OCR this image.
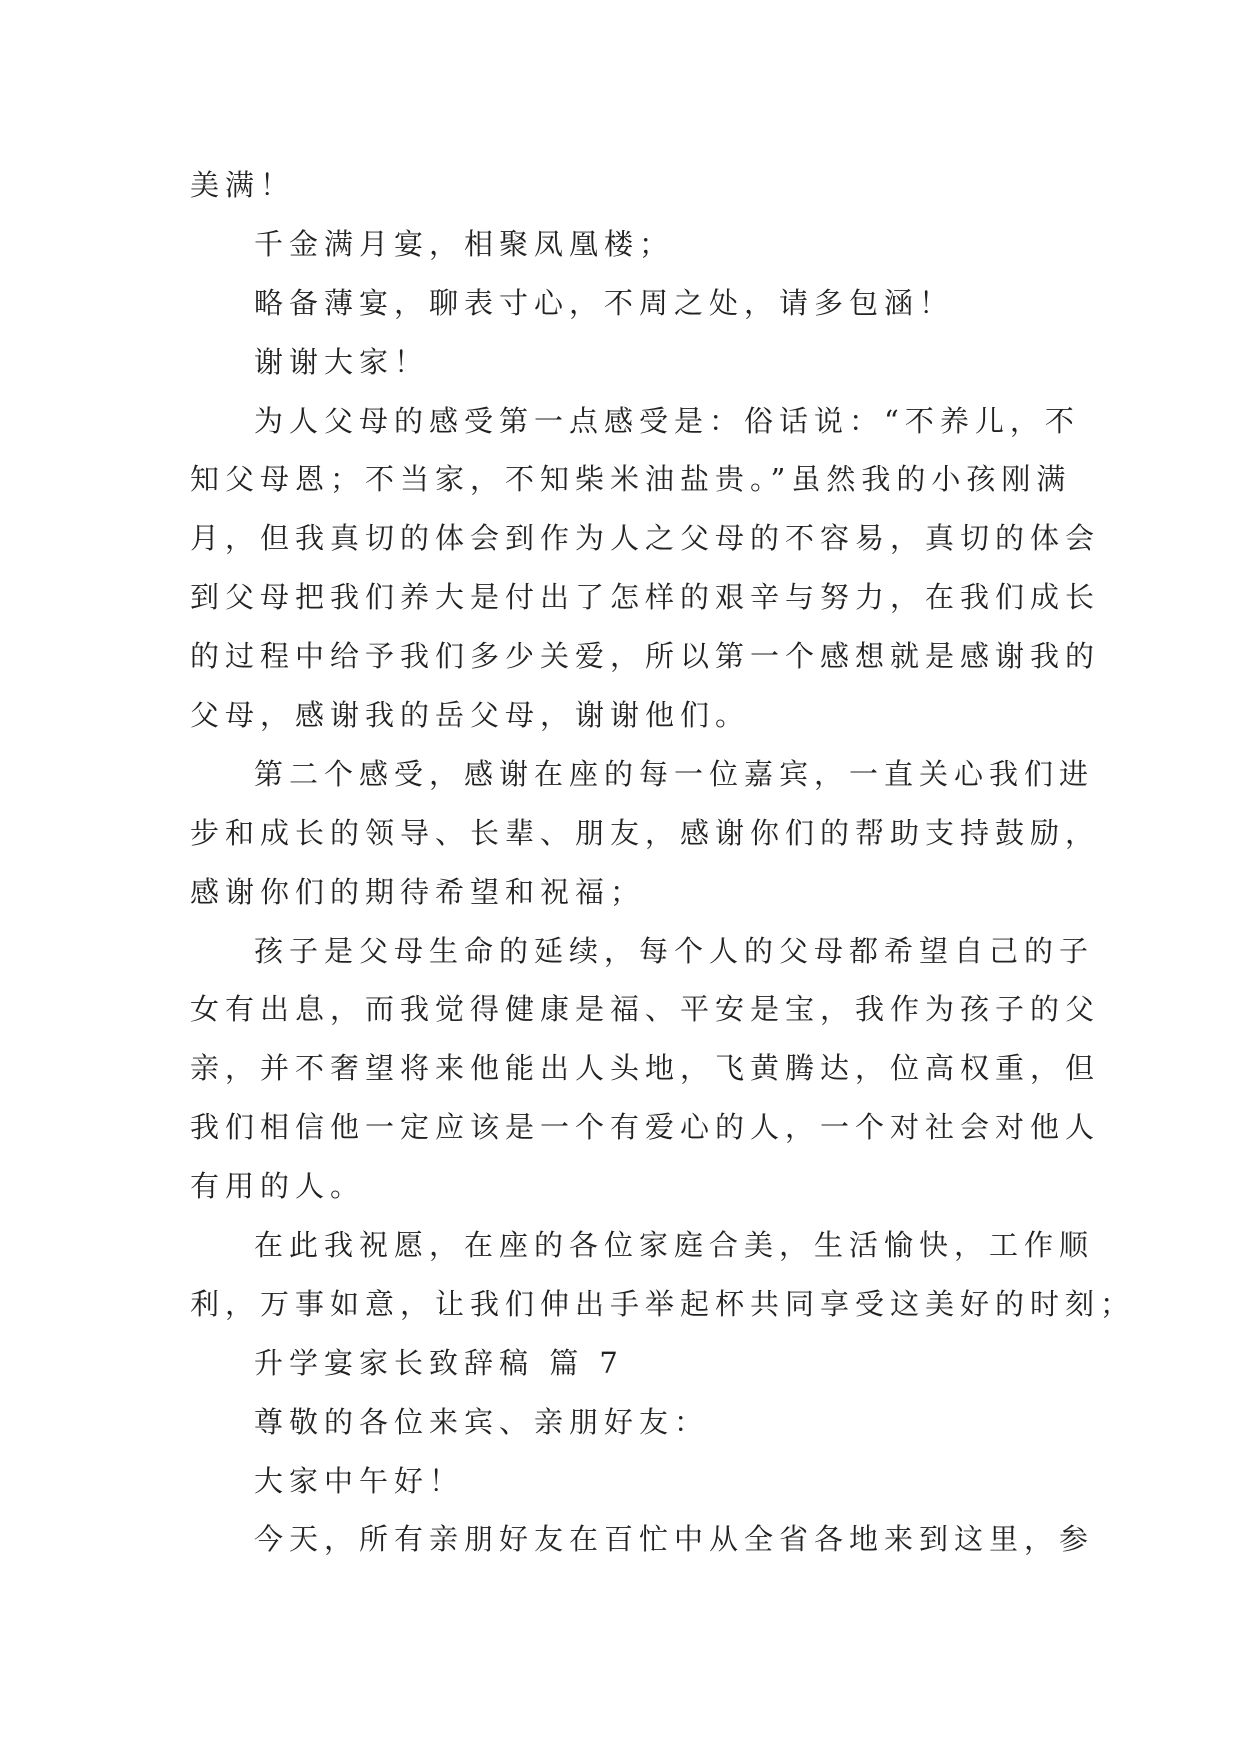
美满！
千金满月宴，相聚凤凰楼；
略备薄宴，聊表寸心，不周之处，请多包涵！
谢谢大家！
为人父母的感受第一点感受是：俗话说：“不养儿，不
知父母恩；不当家，不知柴米油盐贵。”虽然我的小孩刚满
月，但我真切的体会到作为人之父母的不容易，真切的体会
到父母把我们养大是付出了怎样的艰辛与努力，在我们成长
的过程中给予我们多少关爱，所以第一个感想就是感谢我的
父母，感谢我的岳父母，谢谢他们。
第二个感受，感谢在座的每一位嘉宾，一直关心我们进
步和成长的领导、长辈、朋友，感谢你们的帮助支持鼓励，
感谢你们的期待希望和祝福；
孩子是父母生命的延续，每个人的父母都希望自己的子
女有出息，而我觉得健康是福、平安是宝，我作为孩子的父
亲，并不奢望将来他能出人头地，飞黄腾达，位高权重，但
我们相信他一定应该是一个有爱心的人，一个对社会对他人
有用的人。
在此我祝愿，在座的各位家庭合美，生活愉快，工作顺
利，万事如意，让我们伸出手举起杯共同享受这美好的时刻；
升学宴家长致辞稿 篇 7
尊敬的各位来宾、亲朋好友：
大家中午好！
今天，所有亲朋好友在百忙中从全省各地来到这里，参
